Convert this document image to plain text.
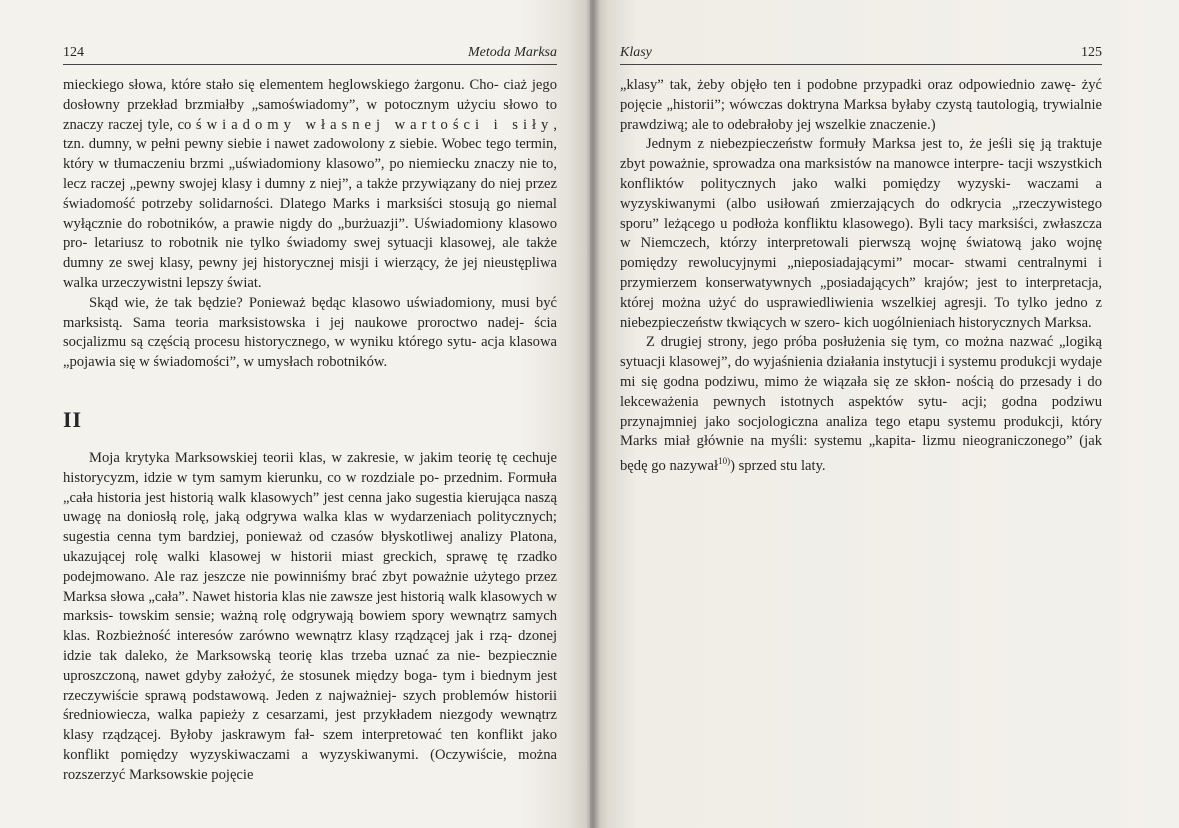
124	Metoda Marksa

mieckiego słowa, które stało się elementem heglowskiego żargonu. Cho- ciaż jego dosłowny przekład brzmiałby „samoświadomy”, w potocznym użyciu słowo to znaczy raczej tyle, co świadomy własnej wartości i siły, tzn. dumny, w pełni pewny siebie i nawet zadowolony z siebie. Wobec tego termin, który w tłumaczeniu brzmi „uświadomiony klasowo”, po niemiecku znaczy nie to, lecz raczej „pewny swojej klasy i dumny z niej”, a także przywiązany do niej przez świadomość potrzeby solidarności. Dlatego Marks i marksiści stosują go niemal wyłącznie do robotników, a prawie nigdy do „burżuazji”. Uświadomiony klasowo pro- letariusz to robotnik nie tylko świadomy swej sytuacji klasowej, ale także dumny ze swej klasy, pewny jej historycznej misji i wierzący, że jej nieustępliwa walka urzeczywistni lepszy świat.

Skąd wie, że tak będzie? Ponieważ będąc klasowo uświadomiony, musi być marksistą. Sama teoria marksistowska i jej naukowe proroctwo nadej- ścia socjalizmu są częścią procesu historycznego, w wyniku którego sytu- acja klasowa „pojawia się w świadomości”, w umysłach robotników.

II

Moja krytyka Marksowskiej teorii klas, w zakresie, w jakim teorię tę cechuje historycyzm, idzie w tym samym kierunku, co w rozdziale po- przednim. Formuła „cała historia jest historią walk klasowych” jest cenna jako sugestia kierująca naszą uwagę na doniosłą rolę, jaką odgrywa walka klas w wydarzeniach politycznych; sugestia cenna tym bardziej, ponieważ od czasów błyskotliwej analizy Platona, ukazującej rolę walki klasowej w historii miast greckich, sprawę tę rzadko podejmowano. Ale raz jeszcze nie powinniśmy brać zbyt poważnie użytego przez Marksa słowa „cała”. Nawet historia klas nie zawsze jest historią walk klasowych w marksis- towskim sensie; ważną rolę odgrywają bowiem spory wewnątrz samych klas. Rozbieżność interesów zarówno wewnątrz klasy rządzącej jak i rzą- dzonej idzie tak daleko, że Marksowską teorię klas trzeba uznać za nie- bezpiecznie uproszczoną, nawet gdyby założyć, że stosunek między boga- tym i biednym jest rzeczywiście sprawą podstawową. Jeden z najważniej- szych problemów historii średniowiecza, walka papieży z cesarzami, jest przykładem niezgody wewnątrz klasy rządzącej. Byłoby jaskrawym fał- szem interpretować ten konflikt jako konflikt pomiędzy wyzyskiwaczami a wyzyskiwanymi. (Oczywiście, można rozszerzyć Marksowskie pojęcie

Klasy	125

„klasy” tak, żeby objęło ten i podobne przypadki oraz odpowiednio zawę- żyć pojęcie „historii”; wówczas doktryna Marksa byłaby czystą tautologią, trywialnie prawdziwą; ale to odebrałoby jej wszelkie znaczenie.)

Jednym z niebezpieczeństw formuły Marksa jest to, że jeśli się ją traktuje zbyt poważnie, sprowadza ona marksistów na manowce interpre- tacji wszystkich konfliktów politycznych jako walki pomiędzy wyzyski- waczami a wyzyskiwanymi (albo usiłowań zmierzających do odkrycia „rzeczywistego sporu” leżącego u podłoża konfliktu klasowego). Byli tacy marksiści, zwłaszcza w Niemczech, którzy interpretowali pierwszą wojnę światową jako wojnę pomiędzy rewolucyjnymi „nieposiadającymi” mocar- stwami centralnymi i przymierzem konserwatywnych „posiadających” krajów; jest to interpretacja, której można użyć do usprawiedliwienia wszelkiej agresji. To tylko jedno z niebezpieczeństw tkwiących w szero- kich uogólnieniach historycznych Marksa.

Z drugiej strony, jego próba posłużenia się tym, co można nazwać „logiką sytuacji klasowej”, do wyjaśnienia działania instytucji i systemu produkcji wydaje mi się godna podziwu, mimo że wiązała się ze skłon- nością do przesady i do lekceważenia pewnych istotnych aspektów sytu- acji; godna podziwu przynajmniej jako socjologiczna analiza tego etapu systemu produkcji, który Marks miał głównie na myśli: systemu „kapita- lizmu nieograniczonego” (jak będę go nazywał$^{10)}$) sprzed stu laty.
